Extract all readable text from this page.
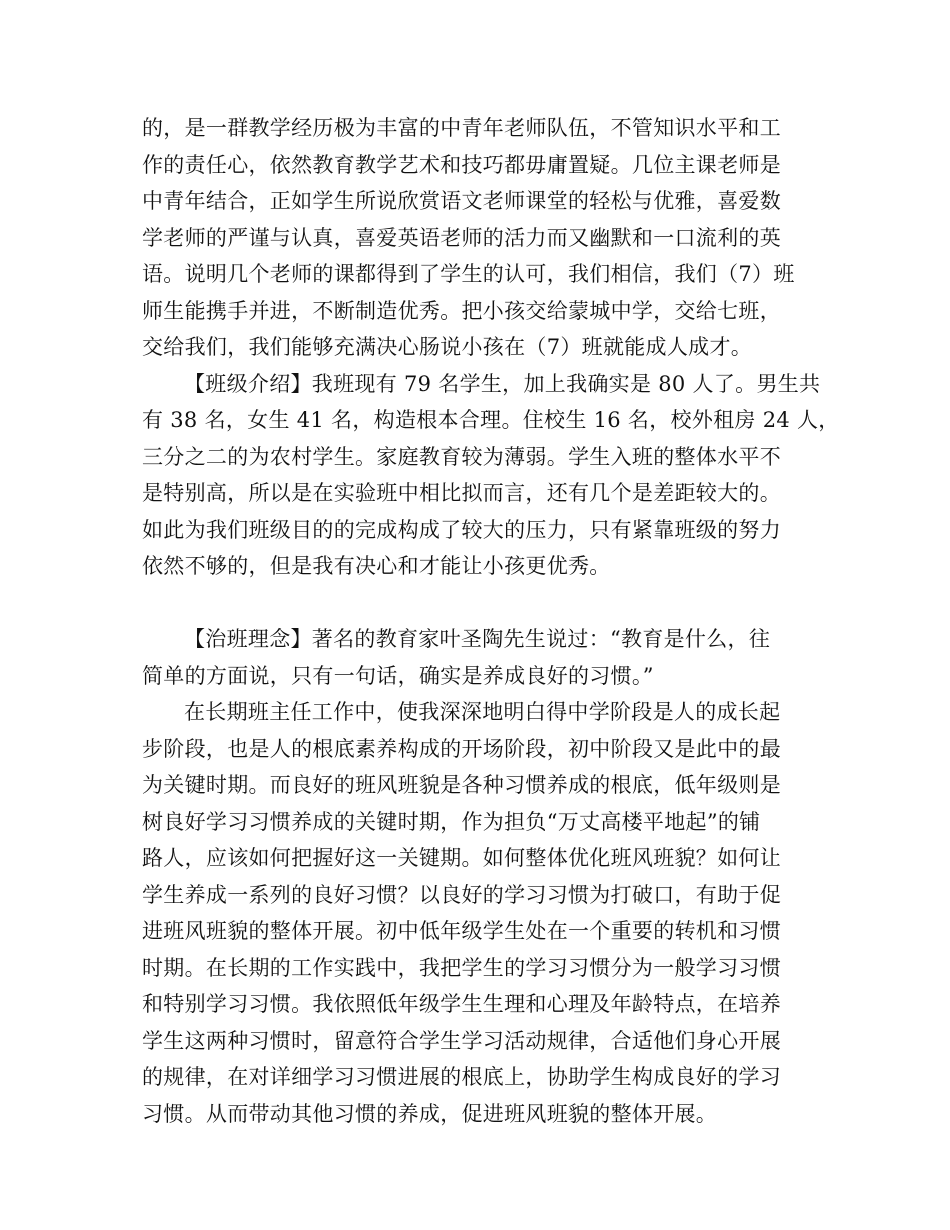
的，是一群教学经历极为丰富的中青年老师队伍，不管知识水平和工
作的责任心，依然教育教学艺术和技巧都毋庸置疑。几位主课老师是
中青年结合，正如学生所说欣赏语文老师课堂的轻松与优雅，喜爱数
学老师的严谨与认真，喜爱英语老师的活力而又幽默和一口流利的英
语。说明几个老师的课都得到了学生的认可，我们相信，我们（7）班
师生能携手并进，不断制造优秀。把小孩交给蒙城中学，交给七班，
交给我们，我们能够充满决心肠说小孩在（7）班就能成人成才。
【班级介绍】我班现有 79 名学生，加上我确实是 80 人了。男生共
有 38 名，女生 41 名，构造根本合理。住校生 16 名，校外租房 24 人，
三分之二的为农村学生。家庭教育较为薄弱。学生入班的整体水平不
是特别高，所以是在实验班中相比拟而言，还有几个是差距较大的。
如此为我们班级目的的完成构成了较大的压力，只有紧靠班级的努力
依然不够的，但是我有决心和才能让小孩更优秀。
【治班理念】著名的教育家叶圣陶先生说过：“教育是什么，往
简单的方面说，只有一句话，确实是养成良好的习惯。”
在长期班主任工作中，使我深深地明白得中学阶段是人的成长起
步阶段，也是人的根底素养构成的开场阶段，初中阶段又是此中的最
为关键时期。而良好的班风班貌是各种习惯养成的根底，低年级则是
树良好学习习惯养成的关键时期，作为担负“万丈高楼平地起”的铺
路人，应该如何把握好这一关键期。如何整体优化班风班貌？如何让
学生养成一系列的良好习惯？以良好的学习习惯为打破口，有助于促
进班风班貌的整体开展。初中低年级学生处在一个重要的转机和习惯
时期。在长期的工作实践中，我把学生的学习习惯分为一般学习习惯
和特别学习习惯。我依照低年级学生生理和心理及年龄特点，在培养
学生这两种习惯时，留意符合学生学习活动规律，合适他们身心开展
的规律，在对详细学习习惯进展的根底上，协助学生构成良好的学习
习惯。从而带动其他习惯的养成，促进班风班貌的整体开展。
